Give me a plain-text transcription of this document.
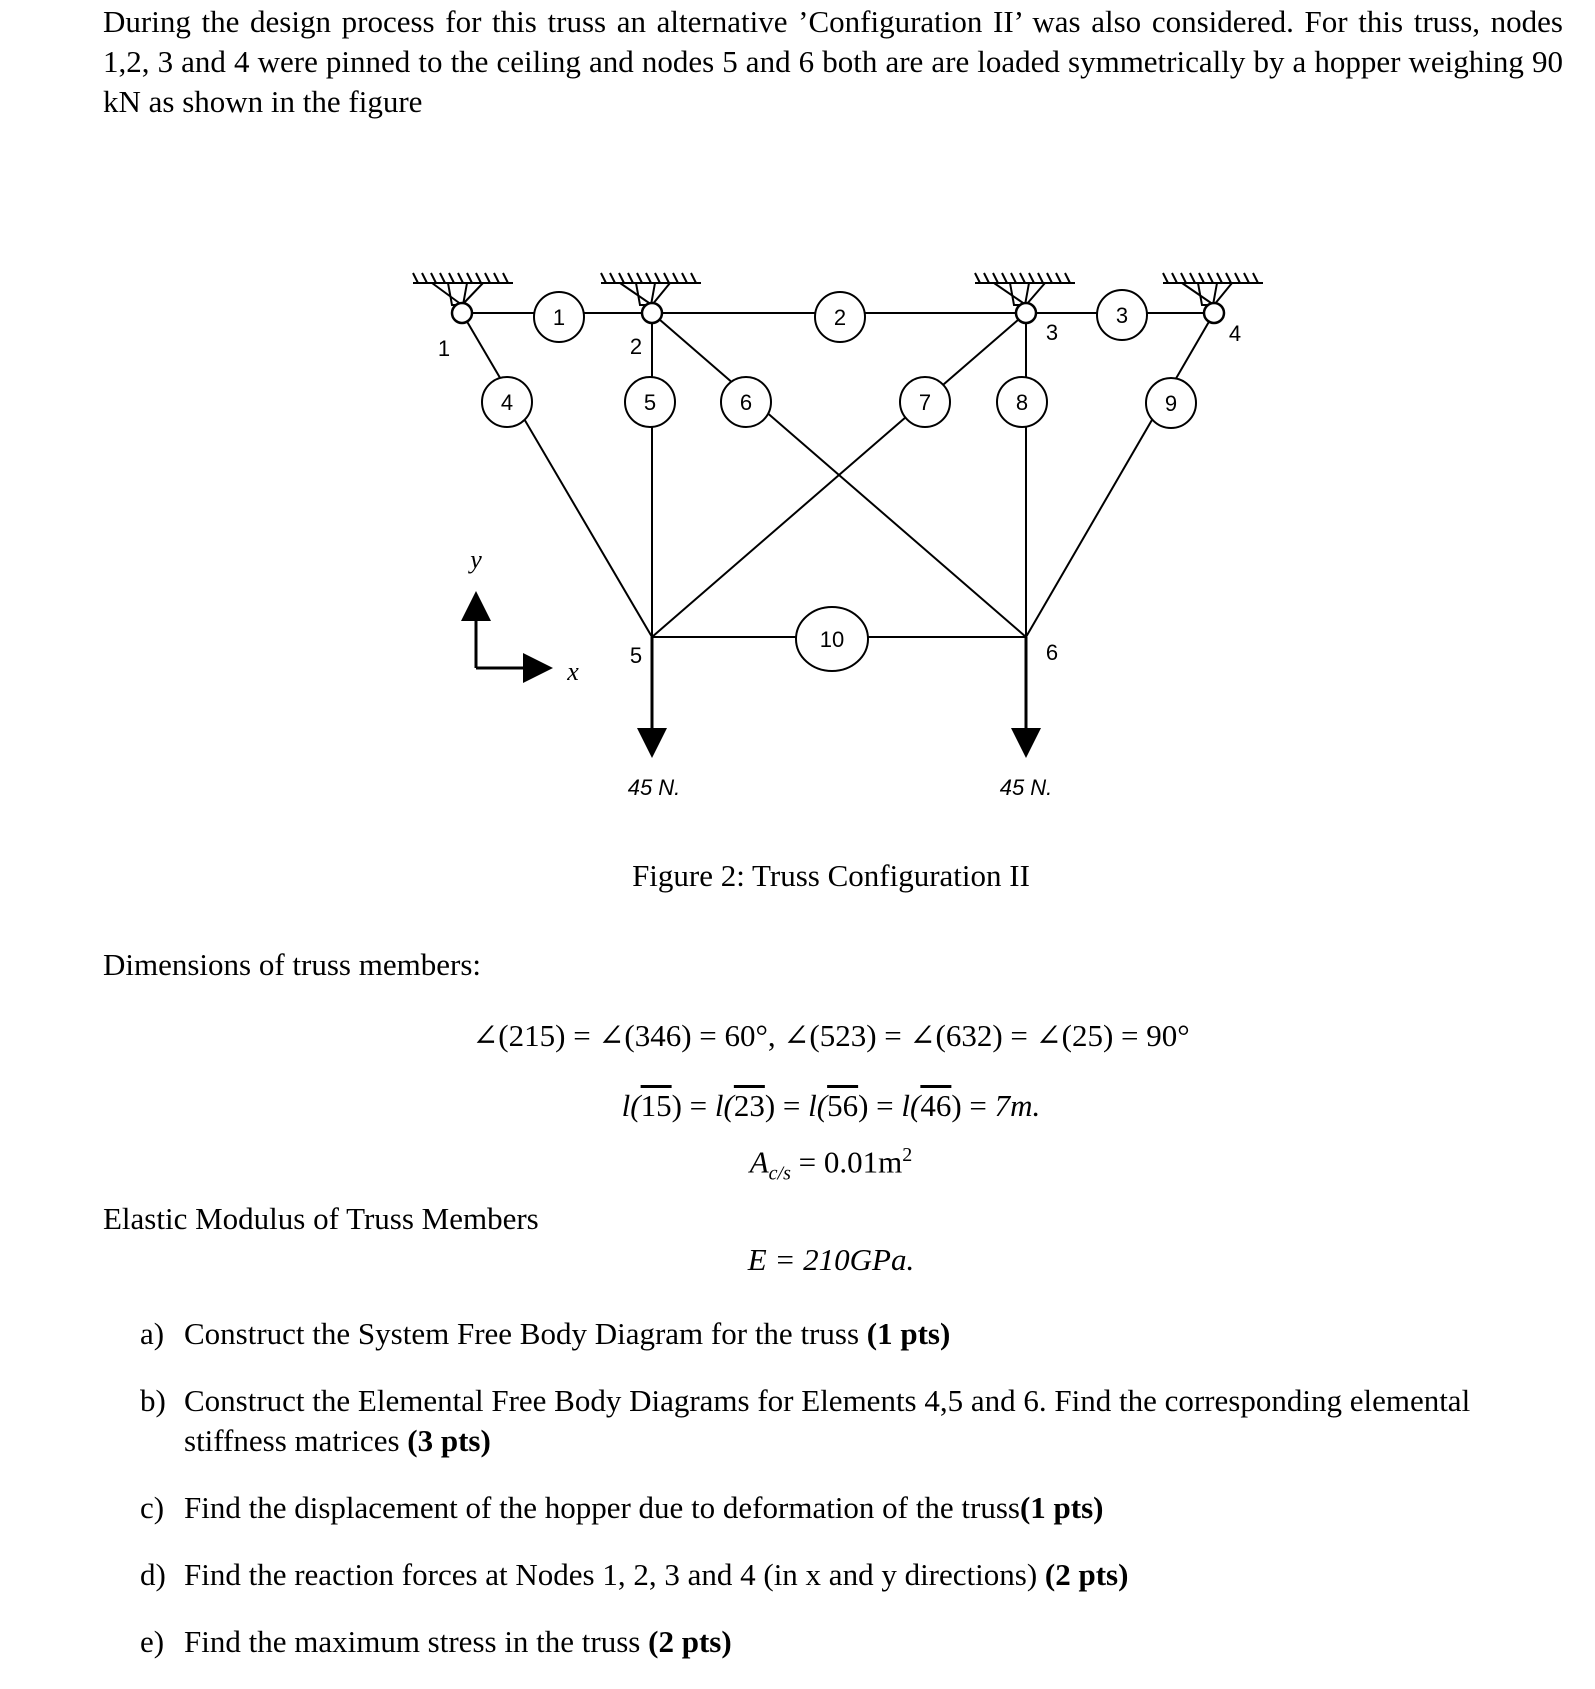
During the design process for this truss an alternative ’Configuration II’ was also considered. For this truss, nodes 1,2, 3 and 4 were pinned to the ceiling and nodes 5 and 6 both are are loaded symmetrically by a hopper weighing 90 kN as shown in the figure

1	2	3
4	5	6	7	8	9
10
1	2
3	4
5	6
45 N.	45 N.
x
y
Figure 2: Truss Configuration II
Dimensions of truss members:
∠(215) = ∠(346) = 60°, ∠(523) = ∠(632) = ∠(25) = 90°
l(15) = l(23) = l(56) = l(46) = 7m.
$A_{c/s} = 0.01m^2$
Elastic Modulus of Truss Members
E = 210GPa.
a) Construct the System Free Body Diagram for the truss (1 pts)
b) Construct the Elemental Free Body Diagrams for Elements 4,5 and 6. Find the corresponding elemental stiffness matrices (3 pts)
c) Find the displacement of the hopper due to deformation of the truss(1 pts)
d) Find the reaction forces at Nodes 1, 2, 3 and 4 (in x and y directions) (2 pts)
e) Find the maximum stress in the truss (2 pts)
